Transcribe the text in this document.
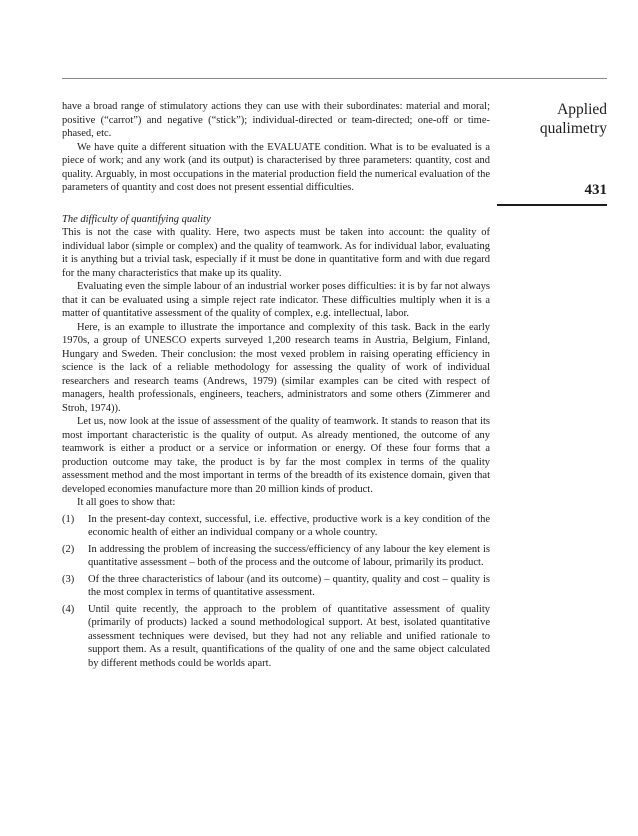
have a broad range of stimulatory actions they can use with their subordinates: material and moral; positive (“carrot”) and negative (“stick”); individual-directed or team-directed; one-off or time-phased, etc.

We have quite a different situation with the EVALUATE condition. What is to be evaluated is a piece of work; and any work (and its output) is characterised by three parameters: quantity, cost and quality. Arguably, in most occupations in the material production field the numerical evaluation of the parameters of quantity and cost does not present essential difficulties.

The difficulty of quantifying quality

This is not the case with quality. Here, two aspects must be taken into account: the quality of individual labor (simple or complex) and the quality of teamwork. As for individual labor, evaluating it is anything but a trivial task, especially if it must be done in quantitative form and with due regard for the many characteristics that make up its quality.

Evaluating even the simple labour of an industrial worker poses difficulties: it is by far not always that it can be evaluated using a simple reject rate indicator. These difficulties multiply when it is a matter of quantitative assessment of the quality of complex, e.g. intellectual, labor.

Here, is an example to illustrate the importance and complexity of this task. Back in the early 1970s, a group of UNESCO experts surveyed 1,200 research teams in Austria, Belgium, Finland, Hungary and Sweden. Their conclusion: the most vexed problem in raising operating efficiency in science is the lack of a reliable methodology for assessing the quality of work of individual researchers and research teams (Andrews, 1979) (similar examples can be cited with respect of managers, health professionals, engineers, teachers, administrators and some others (Zimmerer and Stroh, 1974)).

Let us, now look at the issue of assessment of the quality of teamwork. It stands to reason that its most important characteristic is the quality of output. As already mentioned, the outcome of any teamwork is either a product or a service or information or energy. Of these four forms that a production outcome may take, the product is by far the most complex in terms of the quality assessment method and the most important in terms of the breadth of its existence domain, given that developed economies manufacture more than 20 million kinds of product.

It all goes to show that:

(1)	In the present-day context, successful, i.e. effective, productive work is a key condition of the economic health of either an individual company or a whole country.
(2)	In addressing the problem of increasing the success/efficiency of any labour the key element is quantitative assessment – both of the process and the outcome of labour, primarily its product.
(3)	Of the three characteristics of labour (and its outcome) – quantity, quality and cost – quality is the most complex in terms of quantitative assessment.
(4)	Until quite recently, the approach to the problem of quantitative assessment of quality (primarily of products) lacked a sound methodological support. At best, isolated quantitative assessment techniques were devised, but they had not any reliable and unified rationale to support them. As a result, quantifications of the quality of one and the same object calculated by different methods could be worlds apart.

Applied qualimetry

431
